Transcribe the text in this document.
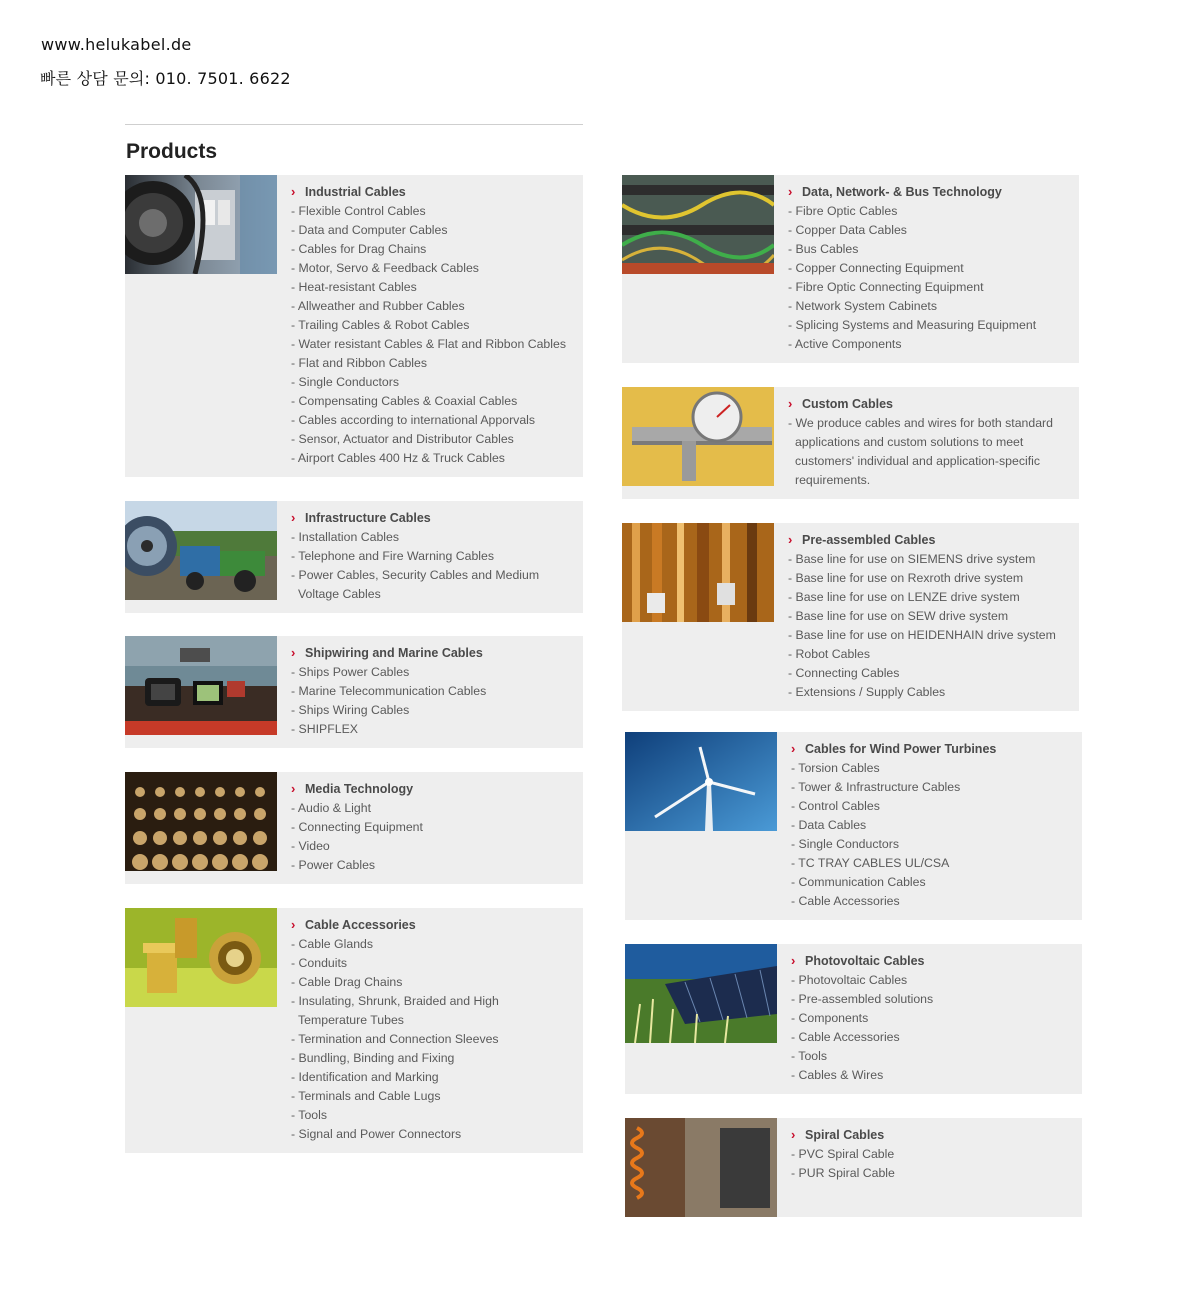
www.helukabel.de
빠른 상담 문의: 010. 7501. 6622
Products
› Industrial Cables
- Flexible Control Cables
- Data and Computer Cables
- Cables for Drag Chains
- Motor, Servo & Feedback Cables
- Heat-resistant Cables
- Allweather and Rubber Cables
- Trailing Cables & Robot Cables
- Water resistant Cables & Flat and Ribbon Cables
- Flat and Ribbon Cables
- Single Conductors
- Compensating Cables & Coaxial Cables
- Cables according to international Apporvals
- Sensor, Actuator and Distributor Cables
- Airport Cables 400 Hz & Truck Cables
› Infrastructure Cables
- Installation Cables
- Telephone and Fire Warning Cables
- Power Cables, Security Cables and Medium Voltage Cables
› Shipwiring and Marine Cables
- Ships Power Cables
- Marine Telecommunication Cables
- Ships Wiring Cables
- SHIPFLEX
› Media Technology
- Audio & Light
- Connecting Equipment
- Video
- Power Cables
› Cable Accessories
- Cable Glands
- Conduits
- Cable Drag Chains
- Insulating, Shrunk, Braided and High Temperature Tubes
- Termination and Connection Sleeves
- Bundling, Binding and Fixing
- Identification and Marking
- Terminals and Cable Lugs
- Tools
- Signal and Power Connectors
› Data, Network- & Bus Technology
- Fibre Optic Cables
- Copper Data Cables
- Bus Cables
- Copper Connecting Equipment
- Fibre Optic Connecting Equipment
- Network System Cabinets
- Splicing Systems and Measuring Equipment
- Active Components
› Custom Cables

- We produce cables and wires for both standard applications and custom solutions to meet customers' individual and application-specific requirements.

› Pre-assembled Cables
- Base line for use on SIEMENS drive system
- Base line for use on Rexroth drive system
- Base line for use on LENZE drive system
- Base line for use on SEW drive system
- Base line for use on HEIDENHAIN drive system
- Robot Cables
- Connecting Cables
- Extensions / Supply Cables
› Cables for Wind Power Turbines
- Torsion Cables
- Tower & Infrastructure Cables
- Control Cables
- Data Cables
- Single Conductors
- TC TRAY CABLES UL/CSA
- Communication Cables
- Cable Accessories
› Photovoltaic Cables
- Photovoltaic Cables
- Pre-assembled solutions
- Components
- Cable Accessories
- Tools
- Cables & Wires
› Spiral Cables
- PVC Spiral Cable
- PUR Spiral Cable
